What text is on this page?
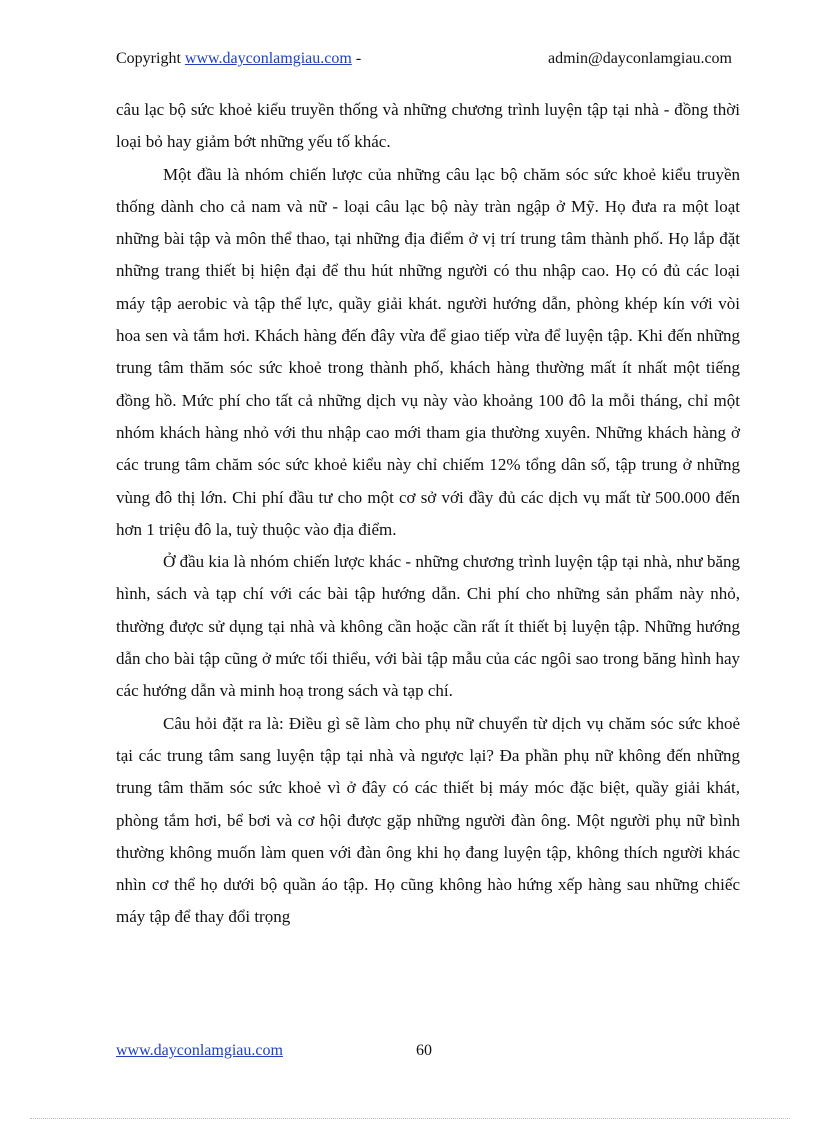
Copyright www.dayconlamgiau.com -	admin@dayconlamgiau.com

câu lạc bộ sức khoẻ kiểu truyền thống và những chương trình luyện tập tại nhà - đồng thời loại bỏ hay giảm bớt những yếu tố khác.

Một đầu là nhóm chiến lược của những câu lạc bộ chăm sóc sức khoẻ kiểu truyền thống dành cho cả nam và nữ - loại câu lạc bộ này tràn ngập ở Mỹ. Họ đưa ra một loạt những bài tập và môn thể thao, tại những địa điểm ở vị trí trung tâm thành phố. Họ lắp đặt những trang thiết bị hiện đại để thu hút những người có thu nhập cao. Họ có đủ các loại máy tập aerobic và tập thể lực, quầy giải khát. người hướng dẫn, phòng khép kín với vòi hoa sen và tắm hơi. Khách hàng đến đây vừa để giao tiếp vừa để luyện tập. Khi đến những trung tâm thăm sóc sức khoẻ trong thành phố, khách hàng thường mất ít nhất một tiếng đồng hồ. Mức phí cho tất cả những dịch vụ này vào khoảng 100 đô la mỗi tháng, chỉ một nhóm khách hàng nhỏ với thu nhập cao mới tham gia thường xuyên. Những khách hàng ở các trung tâm chăm sóc sức khoẻ kiểu này chỉ chiếm 12% tổng dân số, tập trung ở những vùng đô thị lớn. Chi phí đầu tư cho một cơ sở với đầy đủ các dịch vụ mất từ 500.000 đến hơn 1 triệu đô la, tuỳ thuộc vào địa điểm.

Ở đầu kia là nhóm chiến lược khác - những chương trình luyện tập tại nhà, như băng hình, sách và tạp chí với các bài tập hướng dẫn. Chi phí cho những sản phẩm này nhỏ, thường được sử dụng tại nhà và không cần hoặc cần rất ít thiết bị luyện tập. Những hướng dẫn cho bài tập cũng ở mức tối thiểu, với bài tập mẫu của các ngôi sao trong băng hình hay các hướng dẫn và minh hoạ trong sách và tạp chí.

Câu hỏi đặt ra là: Điều gì sẽ làm cho phụ nữ chuyển từ dịch vụ chăm sóc sức khoẻ tại các trung tâm sang luyện tập tại nhà và ngược lại? Đa phần phụ nữ không đến những trung tâm thăm sóc sức khoẻ vì ở đây có các thiết bị máy móc đặc biệt, quầy giải khát, phòng tắm hơi, bể bơi và cơ hội được gặp những người đàn ông. Một người phụ nữ bình thường không muốn làm quen với đàn ông khi họ đang luyện tập, không thích người khác nhìn cơ thể họ dưới bộ quần áo tập. Họ cũng không hào hứng xếp hàng sau những chiếc máy tập để thay đổi trọng

www.dayconlamgiau.com	60
